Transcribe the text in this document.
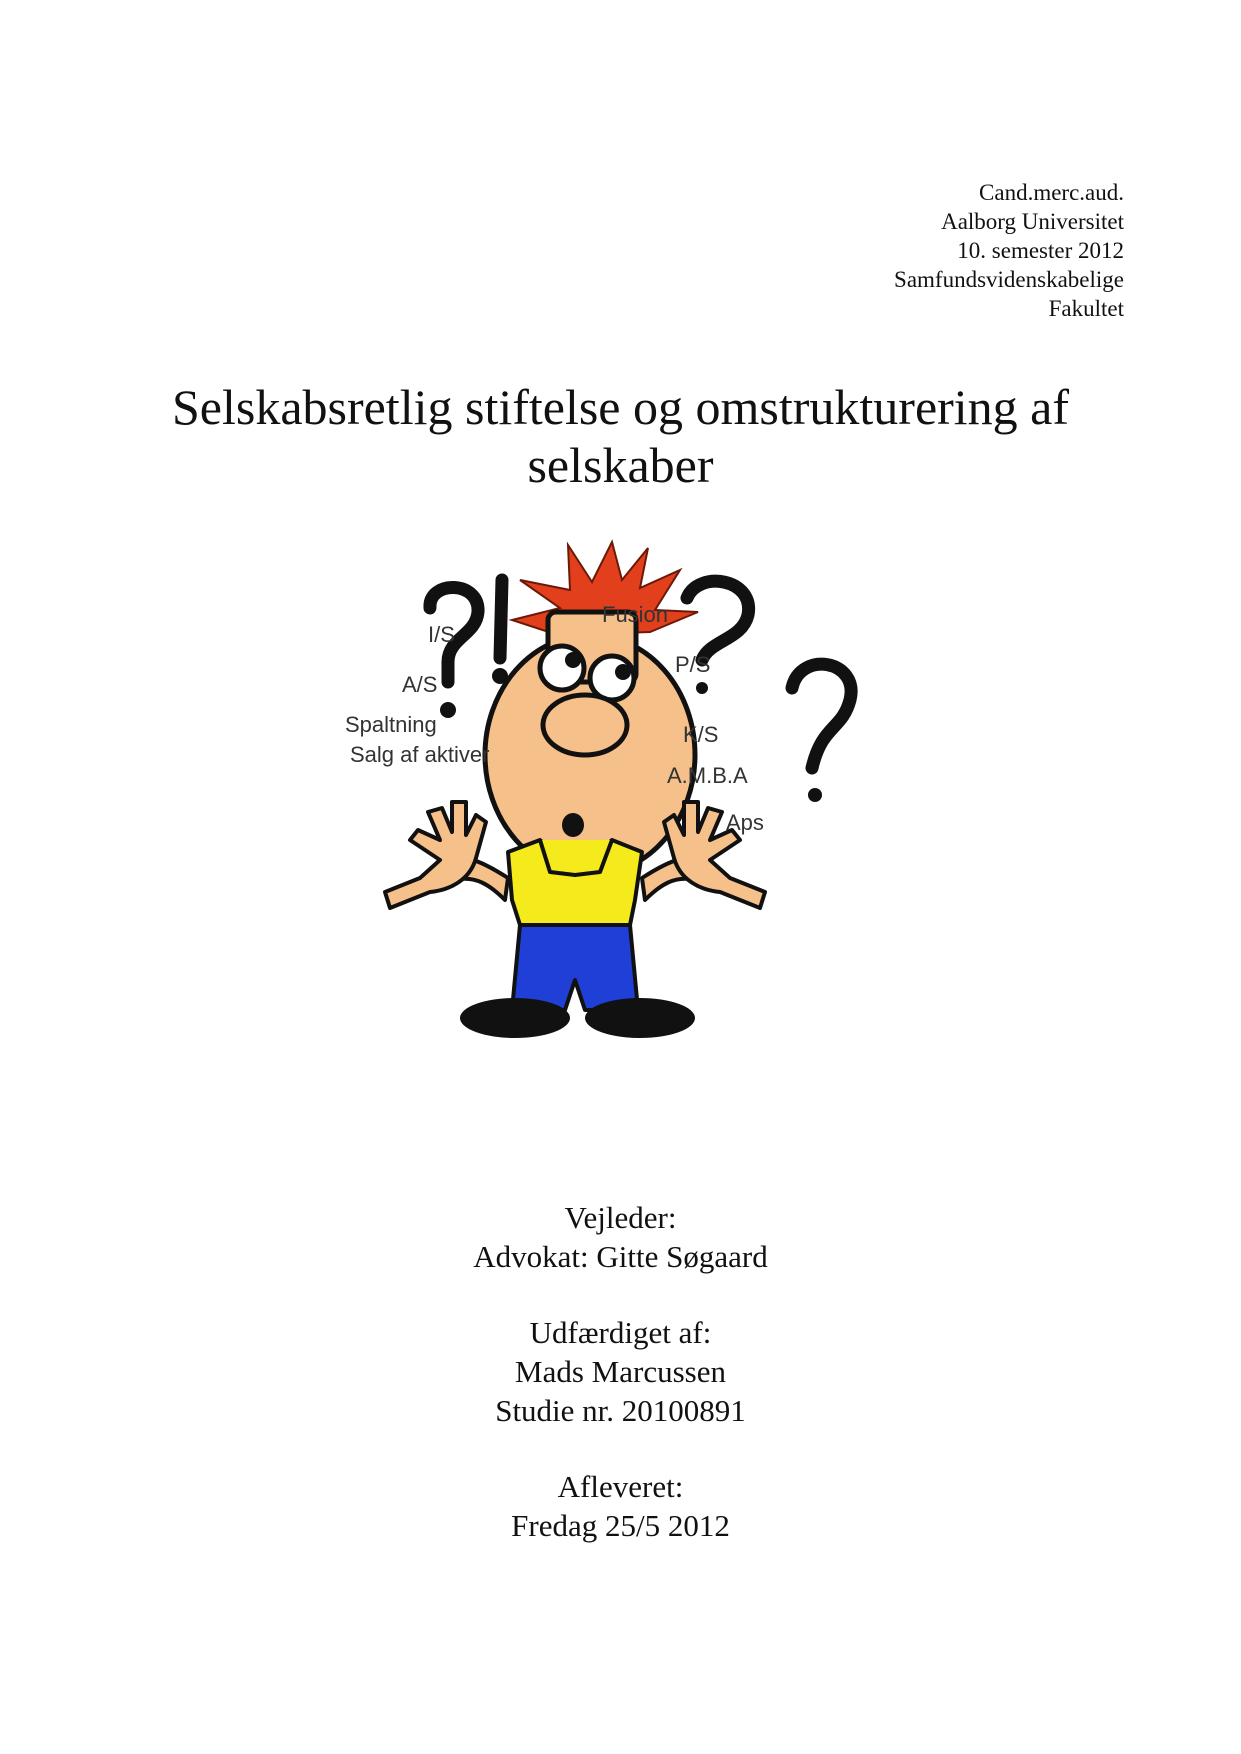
Cand.merc.aud.
Aalborg Universitet
10. semester 2012
Samfundsvidenskabelige
Fakultet
Selskabsretlig stiftelse og omstrukturering af
selskaber
I/S
A/S
Spaltning
Salg af aktiver
Fusion
P/S
K/S
A.M.B.A
Aps
Vejleder:
Advokat: Gitte Søgaard
Udfærdiget af:
Mads Marcussen
Studie nr. 20100891
Afleveret:
Fredag 25/5 2012
